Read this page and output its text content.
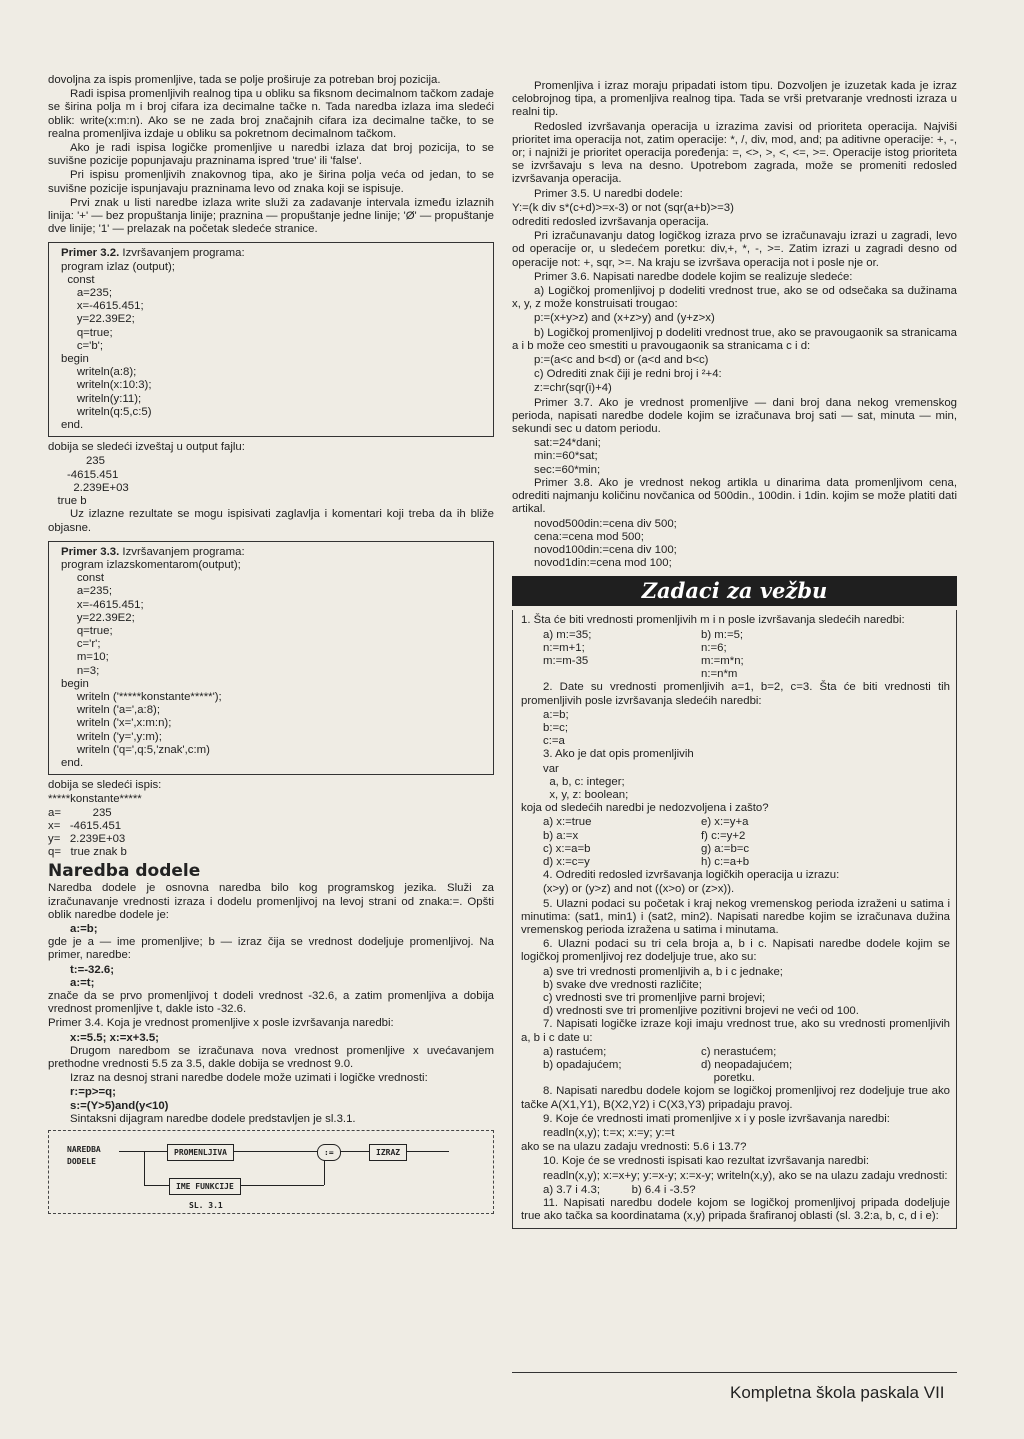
dovoljna za ispis promenljive, tada se polje proširuje za potreban broj pozicija.

Radi ispisa promenljivih realnog tipa u obliku sa fiksnom decimalnom tačkom zadaje se širina polja m i broj cifara iza decimalne tačke n. Tada naredba izlaza ima sledeći oblik: write(x:m:n). Ako se ne zada broj značajnih cifara iza decimalne tačke, to se realna promenljiva izdaje u obliku sa pokretnom decimalnom tačkom.

Ako je radi ispisa logičke promenljive u naredbi izlaza dat broj pozicija, to se suvišne pozicije popunjavaju prazninama ispred 'true' ili 'false'.

Pri ispisu promenljivih znakovnog tipa, ako je širina polja veća od jedan, to se suvišne pozicije ispunjavaju prazninama levo od znaka koji se ispisuje.

Prvi znak u listi naredbe izlaza write služi za zadavanje intervala između izlaznih linija: '+' — bez propuštanja linije; praznina — propuštanje jedne linije; 'Ø' — propuštanje dve linije; '1' — prelazak na početak sledeće stranice.

Primer 3.2. Izvršavanjem programa:
program izlaz (output);
const
a=235;
x=-4615.451;
y=22.39E2;
q=true;
c='b';
begin
writeln(a:8);
writeln(x:10:3);
writeln(y:11);
writeln(q:5,c:5)
end.

dobija se sledeći izveštaj u output fajlu:

235
-4615.451
2.239E+03
true b

Uz izlazne rezultate se mogu ispisivati zaglavlja i komentari koji treba da ih bliže objasne.

Primer 3.3. Izvršavanjem programa:
program izlazskomentarom(output);
const
a=235;
x=-4615.451;
y=22.39E2;
q=true;
c='r';
m=10;
n=3;
begin
writeln ('*****konstante*****');
writeln ('a=',a:8);
writeln ('x=',x:m:n);
writeln ('y=',y:m);
writeln ('q=',q:5,'znak',c:m)
end.

dobija se sledeći ispis:

*****konstante*****
a=          235
x=   -4615.451
y=   2.239E+03
q=   true znak b
Naredba dodele

Naredba dodele je osnovna naredba bilo kog programskog jezika. Služi za izračunavanje vrednosti izraza i dodelu promenljivoj na levoj strani od znaka:=. Opšti oblik naredbe dodele je:

a:=b;

gde je a — ime promenljive; b — izraz čija se vrednost dodeljuje promenljivoj. Na primer, naredbe:

t:=-32.6;
a:=t;

znače da se prvo promenljivoj t dodeli vrednost -32.6, a zatim promenljiva a dobija vrednost promenljive t, dakle isto -32.6.

Primer 3.4. Koja je vrednost promenljive x posle izvršavanja naredbi:

x:=5.5; x:=x+3.5;

Drugom naredbom se izračunava nova vrednost promenljive x uvećavanjem prethodne vrednosti 5.5 za 3.5, dakle dobija se vrednost 9.0.

Izraz na desnoj strani naredbe dodele može uzimati i logičke vrednosti:

r:=p>=q;
s:=(Y>5)and(y<10)

Sintaksni dijagram naredbe dodele predstavljen je sl.3.1.

NAREDBA
DODELE
PROMENLJIVA	:=	IZRAZ
IME FUNKCIJE
SL. 3.1

Promenljiva i izraz moraju pripadati istom tipu. Dozvoljen je izuzetak kada je izraz celobrojnog tipa, a promenljiva realnog tipa. Tada se vrši pretvaranje vrednosti izraza u realni tip.

Redosled izvršavanja operacija u izrazima zavisi od prioriteta operacija. Najviši prioritet ima operacija not, zatim operacije: *, /, div, mod, and; pa aditivne operacije: +, -, or; i najniži je prioritet operacija poređenja: =, <>, >, <, <=, >=. Operacije istog prioriteta se izvršavaju s leva na desno. Upotrebom zagrada, može se promeniti redosled izvršavanja operacija.

Primer 3.5. U naredbi dodele:

Y:=(k div s*(c+d)>=x-3) or not (sqr(a+b)>=3)

odrediti redosled izvršavanja operacija.

Pri izračunavanju datog logičkog izraza prvo se izračunavaju izrazi u zagradi, levo od operacije or, u sledećem poretku: div,+, *, -, >=. Zatim izrazi u zagradi desno od operacije not: +, sqr, >=. Na kraju se izvršava operacija not i posle nje or.

Primer 3.6. Napisati naredbe dodele kojim se realizuje sledeće:

a) Logičkoj promenljivoj p dodeliti vrednost true, ako se od odsečaka sa dužinama x, y, z može konstruisati trougao:

p:=(x+y>z) and (x+z>y) and (y+z>x)

b) Logičkoj promenljivoj p dodeliti vrednost true, ako se pravougaonik sa stranicama a i b može ceo smestiti u pravougaonik sa stranicama c i d:

p:=(a<c and b<d) or (a<d and b<c)

c) Odrediti znak čiji je redni broj i ²+4:

z:=chr(sqr(i)+4)

Primer 3.7. Ako je vrednost promenljive — dani broj dana nekog vremenskog perioda, napisati naredbe dodele kojim se izračunava broj sati — sat, minuta — min, sekundi sec u datom periodu.

sat:=24*dani;
min:=60*sat;
sec:=60*min;

Primer 3.8. Ako je vrednost nekog artikla u dinarima data promenljivom cena, odrediti najmanju količinu novčanica od 500din., 100din. i 1din. kojim se može platiti dati artikal.

novod500din:=cena div 500;
cena:=cena mod 500;
novod100din:=cena div 100;
novod1din:=cena mod 100;
Zadaci za vežbu

1. Šta će biti vrednosti promenljivih m i n posle izvršavanja sledećih naredbi:

a) m:=35;
n:=m+1;
m:=m-35
b) m:=5;
n:=6;
m:=m*n;
n:=n*m

2. Date su vrednosti promenljivih a=1, b=2, c=3. Šta će biti vrednosti tih promenljivih posle izvršavanja sledećih naredbi:

a:=b;
b:=c;
c:=a

3. Ako je dat opis promenljivih

var
a, b, c: integer;
x, y, z: boolean;

koja od sledećih naredbi je nedozvoljena i zašto?

a) x:=true
b) a:=x
c) x:=a=b
d) x:=c=y
e) x:=y+a
f) c:=y+2
g) a:=b=c
h) c:=a+b

4. Odrediti redosled izvršavanja logičkih operacija u izrazu:

(x>y) or (y>z) and not ((x>o) or (z>x)).

5. Ulazni podaci su početak i kraj nekog vremenskog perioda izraženi u satima i minutima: (sat1, min1) i (sat2, min2). Napisati naredbe kojim se izračunava dužina vremenskog perioda izražena u satima i minutama.

6. Ulazni podaci su tri cela broja a, b i c. Napisati naredbe dodele kojim se logičkoj promenljivoj rez dodeljuje true, ako su:

a) sve tri vrednosti promenljivih a, b i c jednake;
b) svake dve vrednosti različite;
c) vrednosti sve tri promenljive parni brojevi;
d) vrednosti sve tri promenljive pozitivni brojevi ne veći od 100.

7. Napisati logičke izraze koji imaju vrednost true, ako su vrednosti promenljivih a, b i c date u:

a) rastućem;
b) opadajućem;
c) nerastućem;
d) neopadajućem;
poretku.

8. Napisati naredbu dodele kojom se logičkoj promenljivoj rez dodeljuje true ako tačke A(X1,Y1), B(X2,Y2) i C(X3,Y3) pripadaju pravoj.

9. Koje će vrednosti imati promenljive x i y posle izvršavanja naredbi:

readln(x,y); t:=x; x:=y; y:=t

ako se na ulazu zadaju vrednosti: 5.6 i 13.7?

10. Koje će se vrednosti ispisati kao rezultat izvršavanja naredbi:

readln(x,y); x:=x+y; y:=x-y; x:=x-y; writeln(x,y), ako se na ulazu zadaju vrednosti:

a) 3.7 i 4.3;          b) 6.4 i -3.5?

11. Napisati naredbu dodele kojom se logičkoj promenljivoj pripada dodeljuje true ako tačka sa koordinatama (x,y) pripada šrafiranoj oblasti (sl. 3.2:a, b, c, d i e):

Kompletna škola paskala VII
